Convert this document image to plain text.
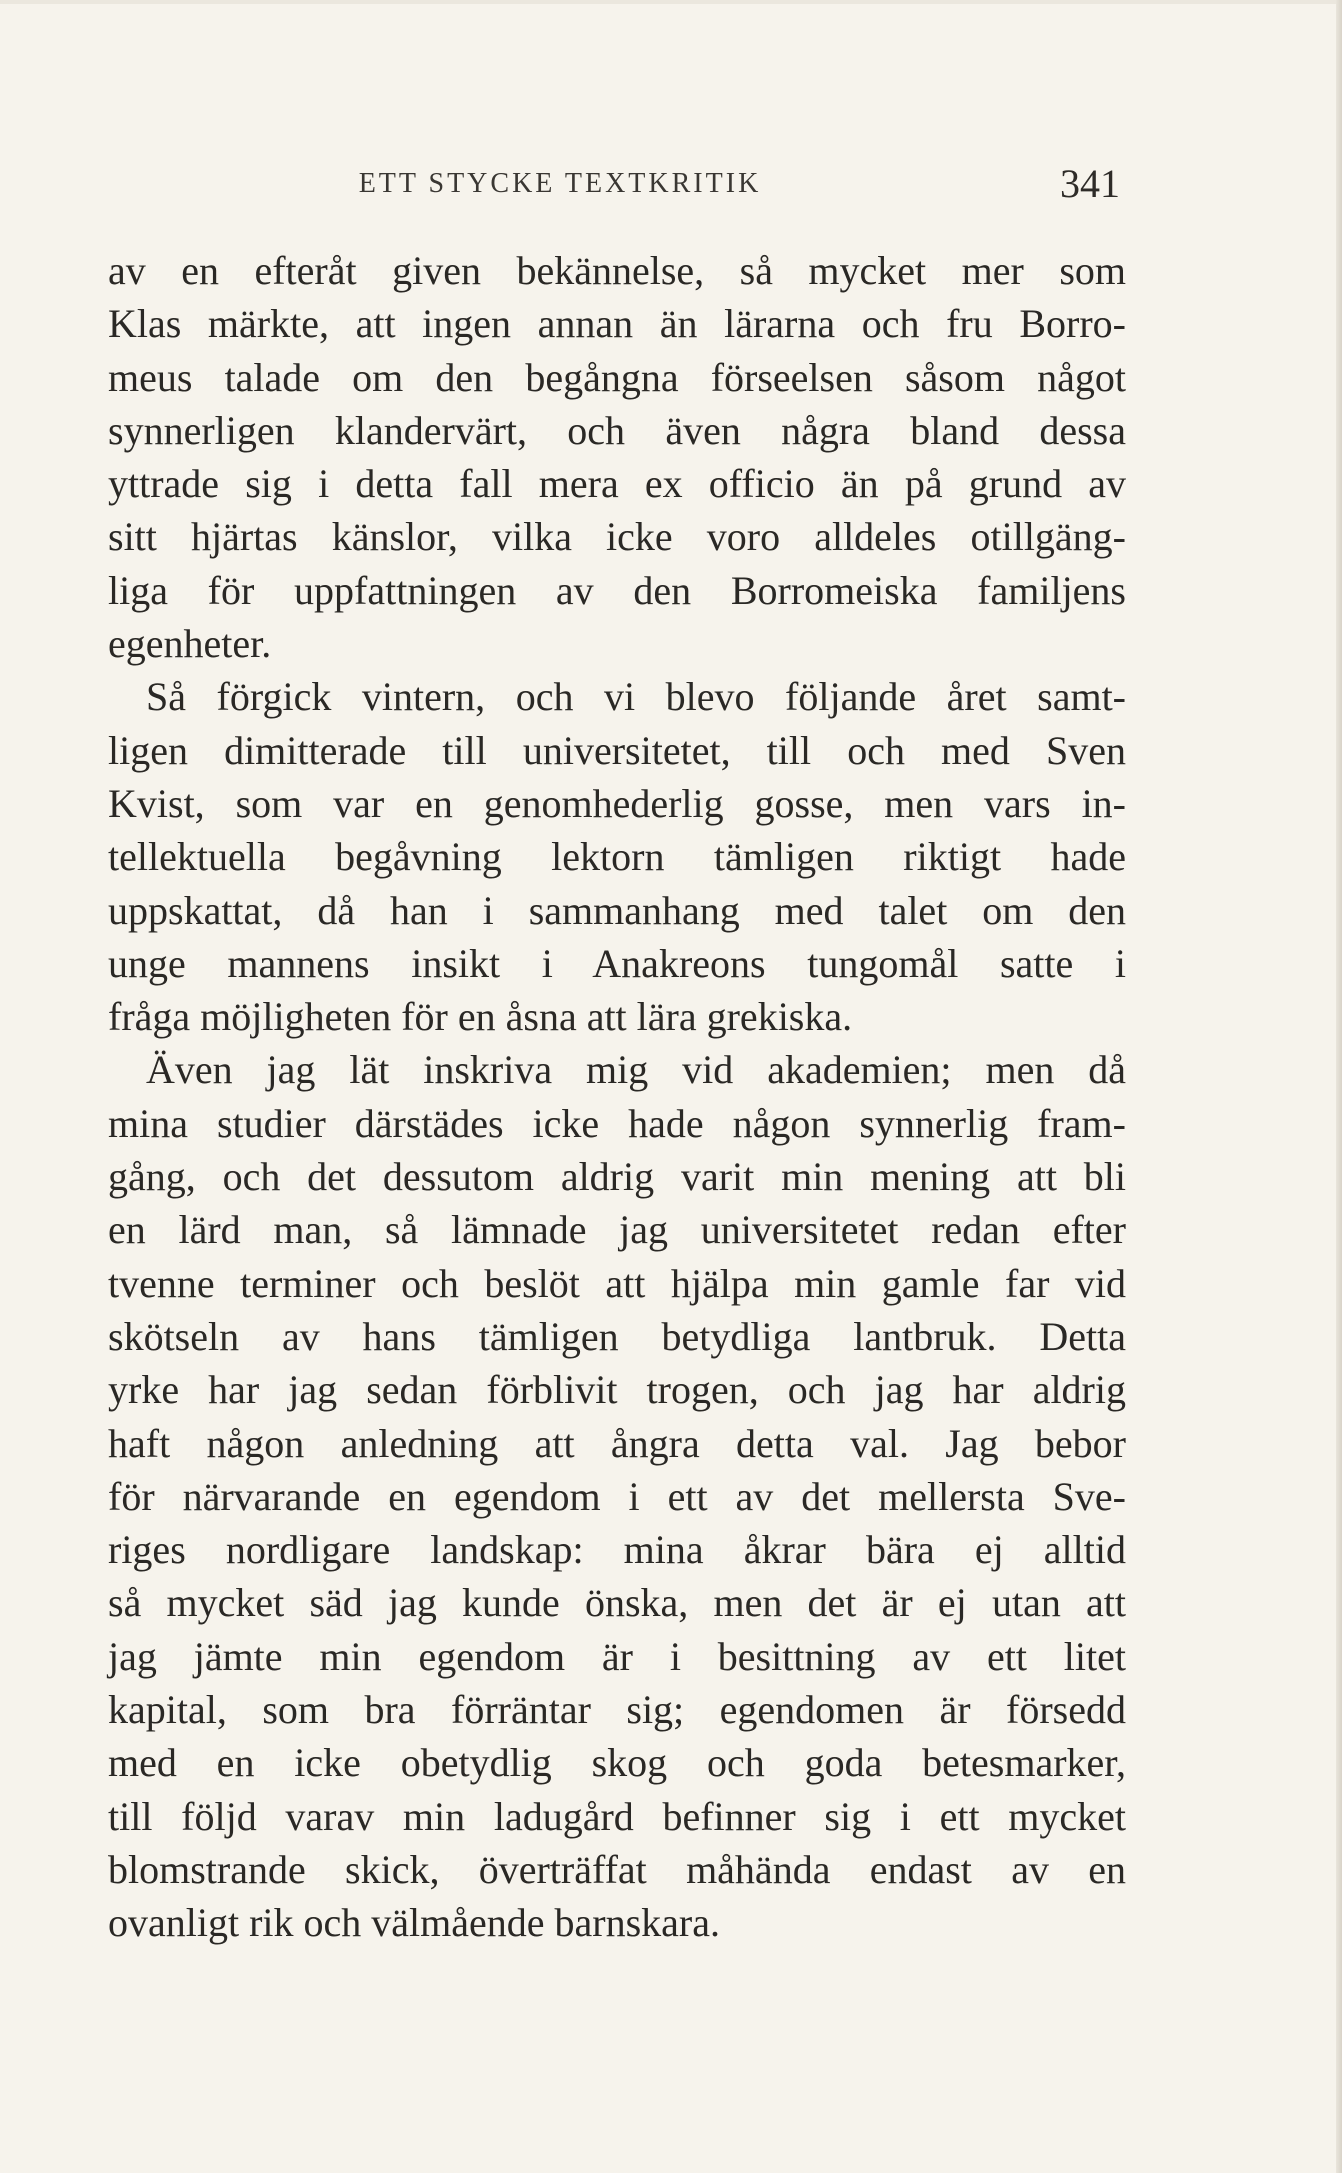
ETT STYCKE TEXTKRITIK	341
av en efteråt given bekännelse, så mycket mer som
Klas märkte, att ingen annan än lärarna och fru Borro-
meus talade om den begångna förseelsen såsom något
synnerligen klandervärt, och även några bland dessa
yttrade sig i detta fall mera ex officio än på grund av
sitt hjärtas känslor, vilka icke voro alldeles otillgäng-
liga för uppfattningen av den Borromeiska familjens
egenheter.
Så förgick vintern, och vi blevo följande året samt-
ligen dimitterade till universitetet, till och med Sven
Kvist, som var en genomhederlig gosse, men vars in-
tellektuella begåvning lektorn tämligen riktigt hade
uppskattat, då han i sammanhang med talet om den
unge mannens insikt i Anakreons tungomål satte i
fråga möjligheten för en åsna att lära grekiska.
Även jag lät inskriva mig vid akademien; men då
mina studier därstädes icke hade någon synnerlig fram-
gång, och det dessutom aldrig varit min mening att bli
en lärd man, så lämnade jag universitetet redan efter
tvenne terminer och beslöt att hjälpa min gamle far vid
skötseln av hans tämligen betydliga lantbruk. Detta
yrke har jag sedan förblivit trogen, och jag har aldrig
haft någon anledning att ångra detta val. Jag bebor
för närvarande en egendom i ett av det mellersta Sve-
riges nordligare landskap: mina åkrar bära ej alltid
så mycket säd jag kunde önska, men det är ej utan att
jag jämte min egendom är i besittning av ett litet
kapital, som bra förräntar sig; egendomen är försedd
med en icke obetydlig skog och goda betesmarker,
till följd varav min ladugård befinner sig i ett mycket
blomstrande skick, överträffat måhända endast av en
ovanligt rik och välmående barnskara.
